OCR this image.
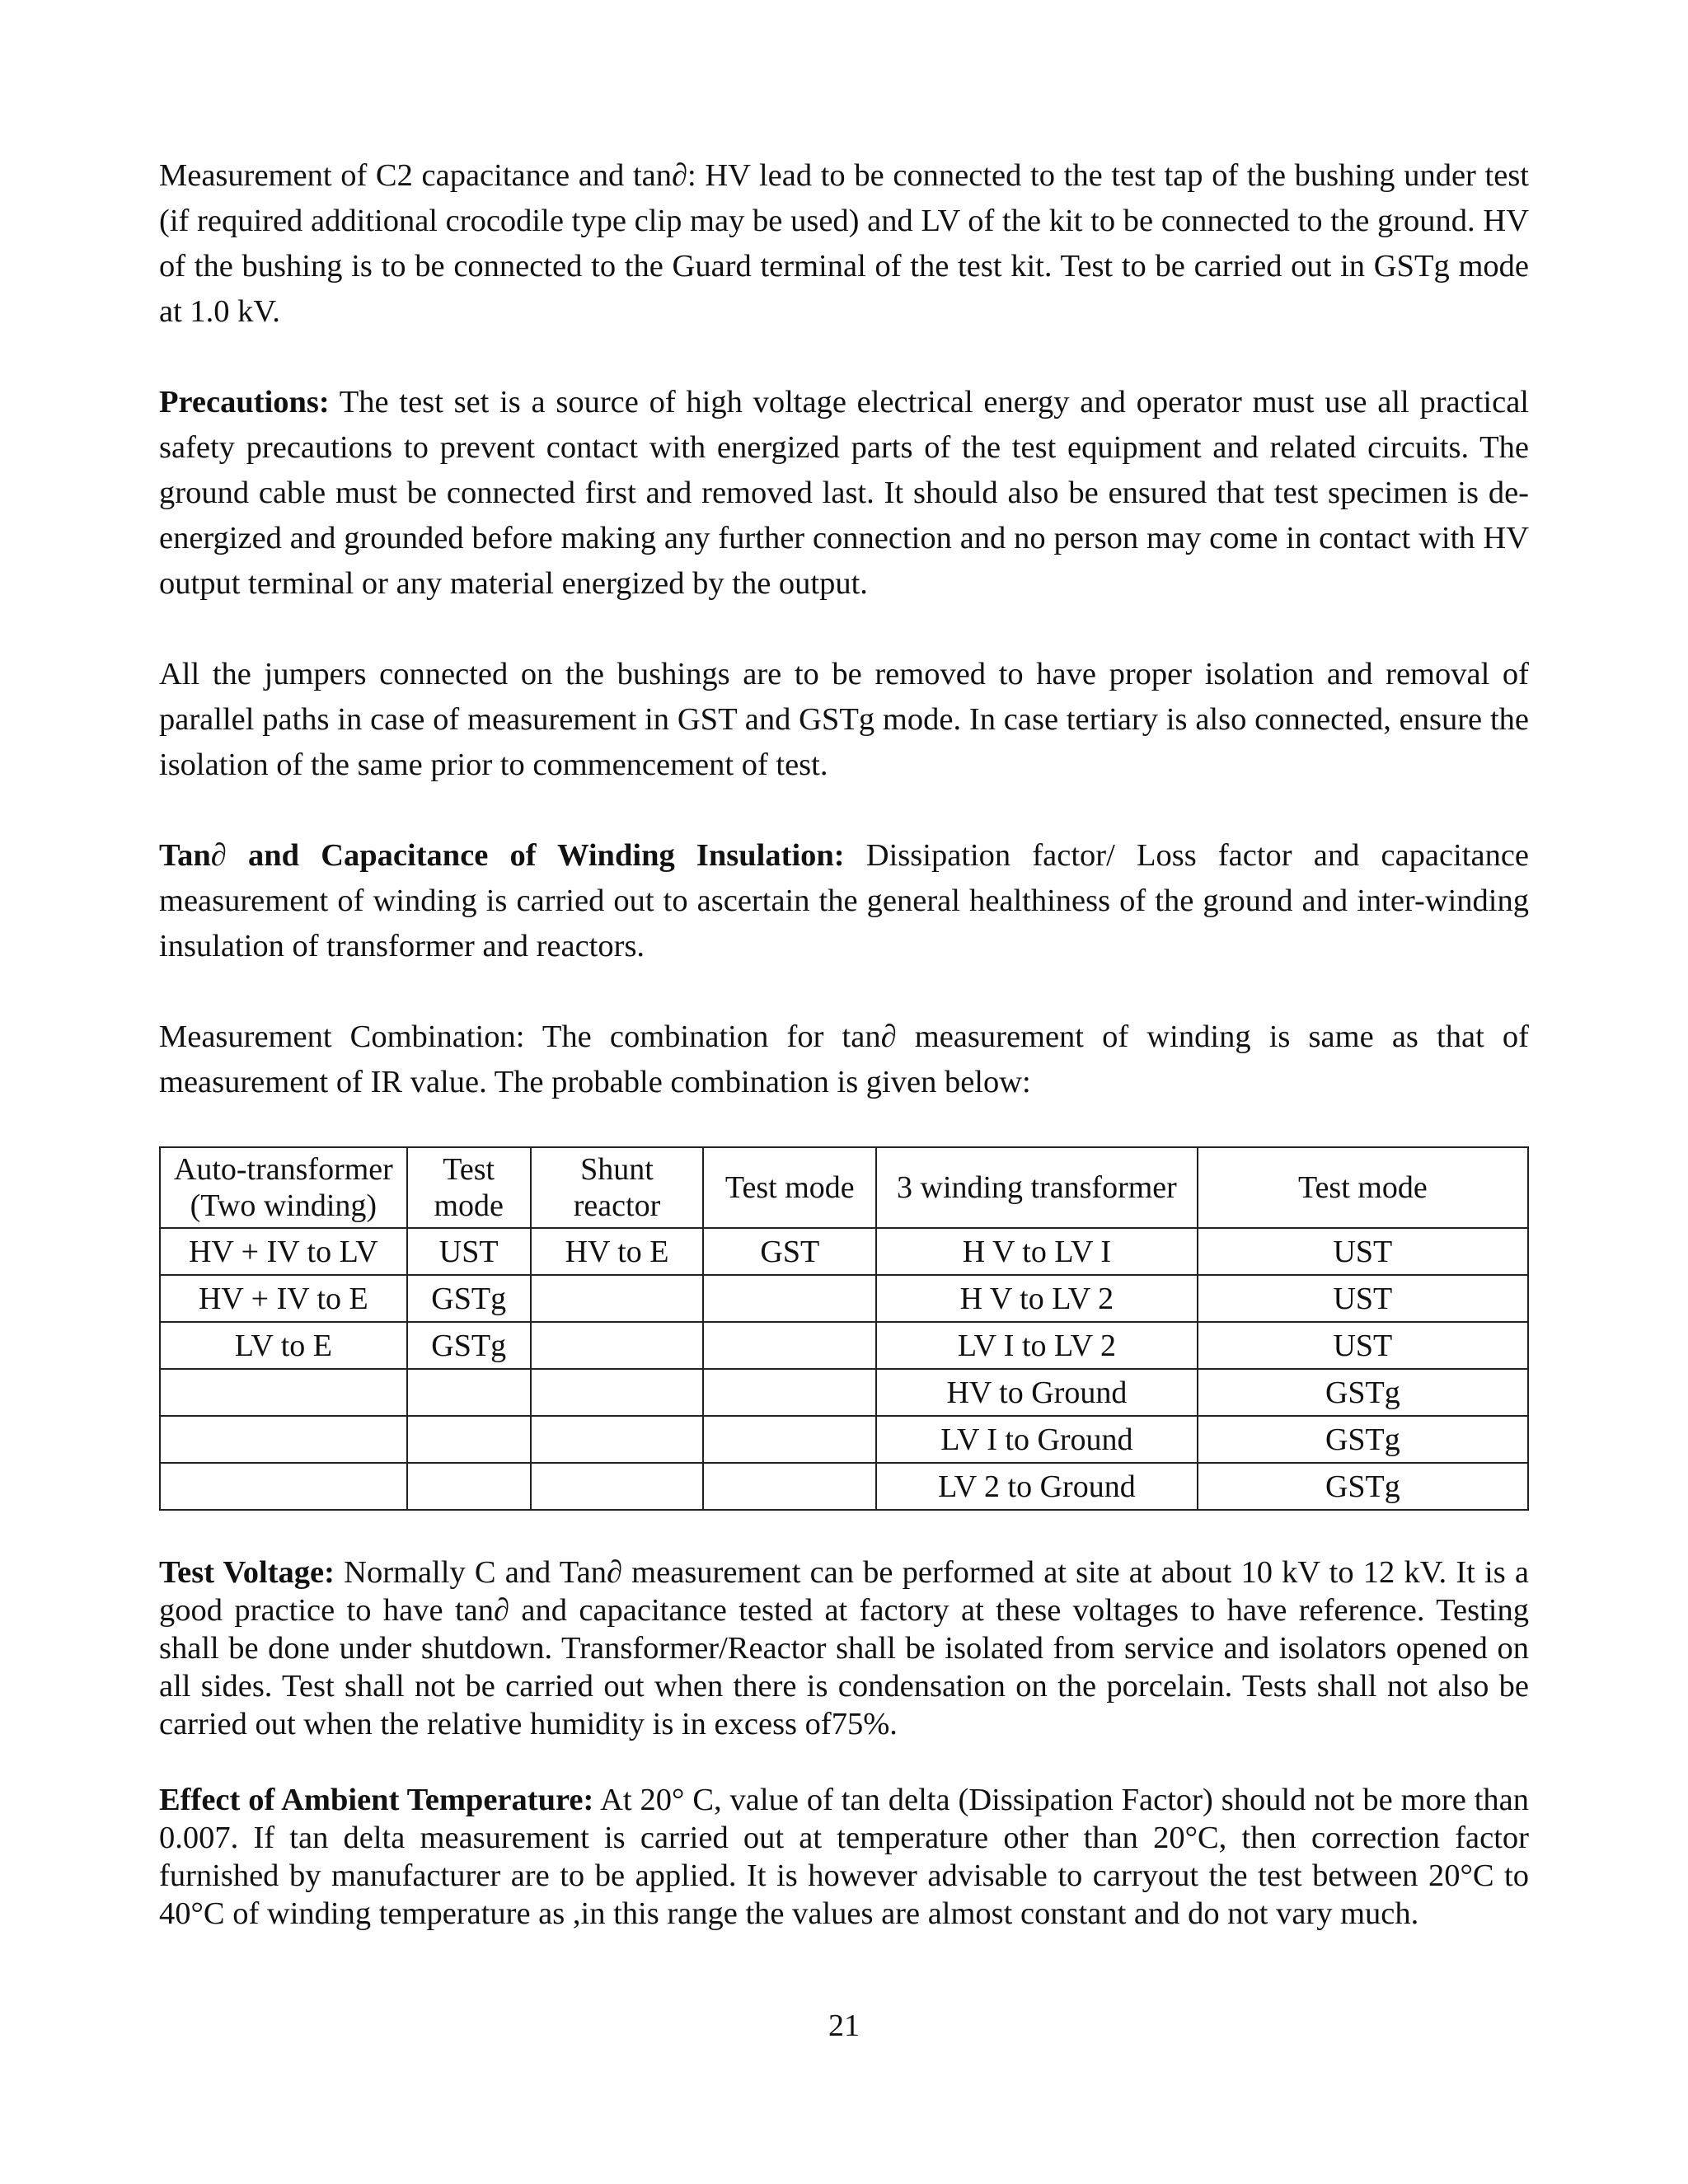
Measurement of C2 capacitance and tan∂: HV lead to be connected to the test tap of the bushing under test (if required additional crocodile type clip may be used) and LV of the kit to be connected to the ground. HV of the bushing is to be connected to the Guard terminal of the test kit. Test to be carried out in GSTg mode at 1.0 kV.

Precautions: The test set is a source of high voltage electrical energy and operator must use all practical safety precautions to prevent contact with energized parts of the test equipment and related circuits. The ground cable must be connected first and removed last. It should also be ensured that test specimen is de-energized and grounded before making any further connection and no person may come in contact with HV output terminal or any material energized by the output.

All the jumpers connected on the bushings are to be removed to have proper isolation and removal of parallel paths in case of measurement in GST and GSTg mode. In case tertiary is also connected, ensure the isolation of the same prior to commencement of test.

Tan∂ and Capacitance of Winding Insulation: Dissipation factor/ Loss factor and capacitance measurement of winding is carried out to ascertain the general healthiness of the ground and inter-winding insulation of transformer and reactors.

Measurement Combination: The combination for tan∂ measurement of winding is same as that of measurement of IR value. The probable combination is given below:

Auto-transformer (Two winding)	Test mode	Shunt reactor	Test mode	3 winding transformer	Test mode
HV + IV to LV	UST	HV to E	GST	H V to LV I	UST
HV + IV to E	GSTg			H V to LV 2	UST
LV to E	GSTg			LV I to LV 2	UST
				HV to Ground	GSTg
				LV I to Ground	GSTg
				LV 2 to Ground	GSTg

Test Voltage: Normally C and Tan∂ measurement can be performed at site at about 10 kV to 12 kV. It is a good practice to have tan∂ and capacitance tested at factory at these voltages to have reference. Testing shall be done under shutdown. Transformer/Reactor shall be isolated from service and isolators opened on all sides. Test shall not be carried out when there is condensation on the porcelain. Tests shall not also be carried out when the relative humidity is in excess of75%.

Effect of Ambient Temperature: At 20° C, value of tan delta (Dissipation Factor) should not be more than 0.007. If tan delta measurement is carried out at temperature other than 20°C, then correction factor furnished by manufacturer are to be applied. It is however advisable to carryout the test between 20°C to 40°C of winding temperature as ,in this range the values are almost constant and do not vary much.

21
